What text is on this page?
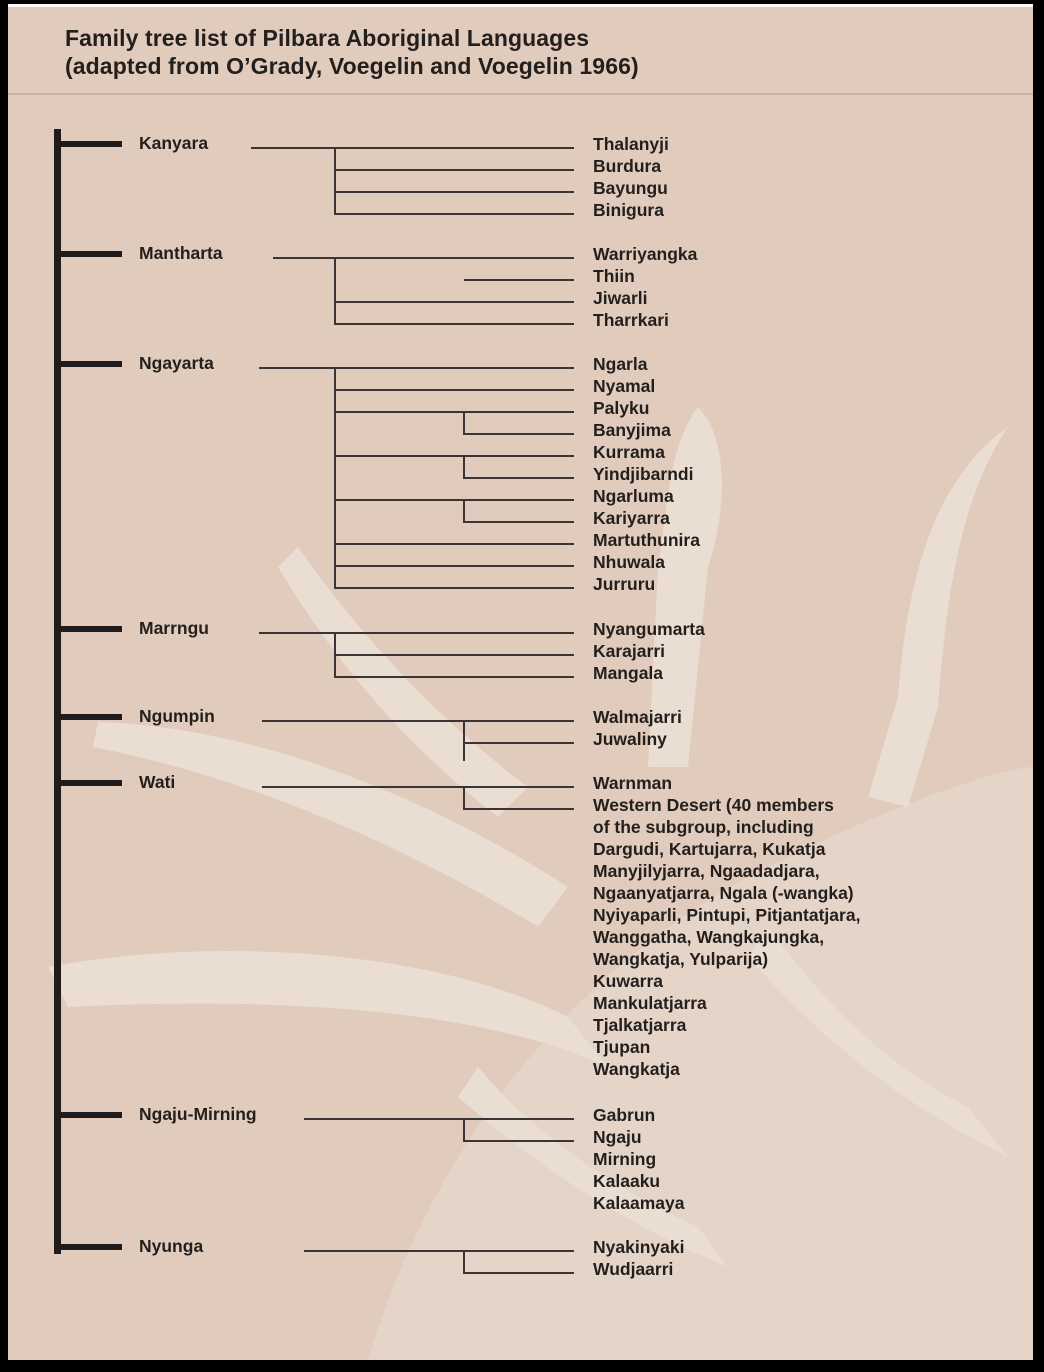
Family tree list of Pilbara Aboriginal Languages
(adapted from O’Grady, Voegelin and Voegelin 1966)
Kanyara	Thalanyji
Burdura
Bayungu
Binigura
Mantharta	Warriyangka
Thiin
Jiwarli
Tharrkari
Ngayarta	Ngarla
Nyamal
Palyku
Banyjima
Kurrama
Yindjibarndi
Ngarluma
Kariyarra
Martuthunira
Nhuwala
Jurruru
Marrngu	Nyangumarta
Karajarri
Mangala
Ngumpin	Walmajarri
Juwaliny
Wati	Warnman
Western Desert (40 members
of the subgroup, including
Dargudi, Kartujarra, Kukatja
Manyjilyjarra, Ngaadadjara,
Ngaanyatjarra, Ngala (-wangka)
Nyiyaparli, Pintupi, Pitjantatjara,
Wanggatha, Wangkajungka,
Wangkatja, Yulparija)
Kuwarra
Mankulatjarra
Tjalkatjarra
Tjupan
Wangkatja
Ngaju-Mirning	Gabrun
Ngaju
Mirning
Kalaaku
Kalaamaya
Nyunga	Nyakinyaki
Wudjaarri
